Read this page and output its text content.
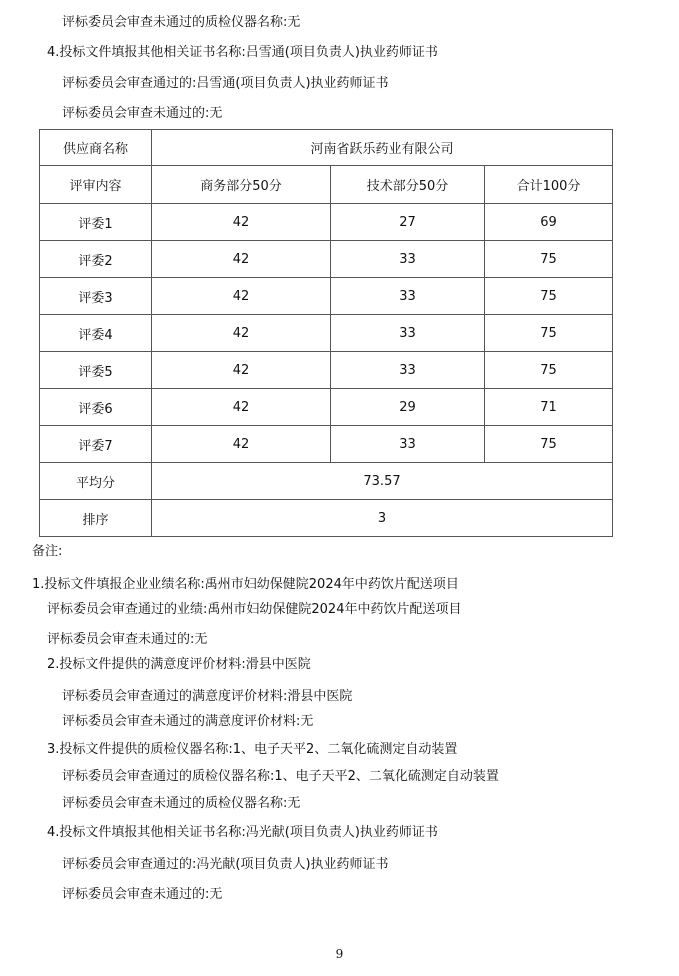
评标委员会审查未通过的质检仪器名称:无
4.投标文件填报其他相关证书名称:吕雪通(项目负责人)执业药师证书
评标委员会审查通过的:吕雪通(项目负责人)执业药师证书
评标委员会审查未通过的:无
供应商名称	河南省跃乐药业有限公司		
评审内容	商务部分50分	技术部分50分	合计100分
评委1	42	27	69
评委2	42	33	75
评委3	42	33	75
评委4	42	33	75
评委5	42	33	75
评委6	42	29	71
评委7	42	33	75
平均分	73.57		
排序	3		
备注:
1.投标文件填报企业业绩名称:禹州市妇幼保健院2024年中药饮片配送项目
评标委员会审查通过的业绩:禹州市妇幼保健院2024年中药饮片配送项目
评标委员会审查未通过的:无
2.投标文件提供的满意度评价材料:滑县中医院
评标委员会审查通过的满意度评价材料:滑县中医院
评标委员会审查未通过的满意度评价材料:无
3.投标文件提供的质检仪器名称:1、电子天平2、二氧化硫测定自动装置
评标委员会审查通过的质检仪器名称:1、电子天平2、二氧化硫测定自动装置
评标委员会审查未通过的质检仪器名称:无
4.投标文件填报其他相关证书名称:冯光献(项目负责人)执业药师证书
评标委员会审查通过的:冯光献(项目负责人)执业药师证书
评标委员会审查未通过的:无
9
